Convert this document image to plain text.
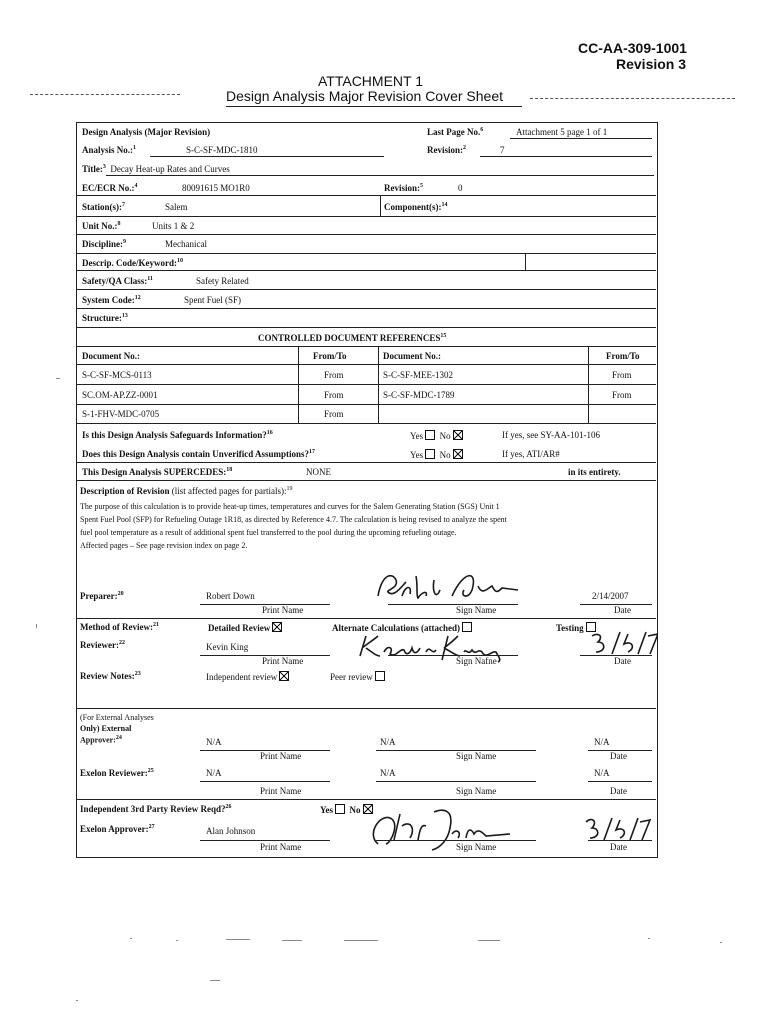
CC-AA-309-1001
Revision 3
ATTACHMENT 1
Design Analysis Major Revision Cover Sheet
Design Analysis (Major Revision)	Last Page No.$^6$	Attachment 5 page 1 of 1
Analysis No.:$^1$	S-C-SF-MDC-1810	Revision:$^2$	7
Title:$^3$ Decay Heat-up Rates and Curves
EC/ECR No.:$^4$	80091615 MO1R0	Revision:$^5$	0
Station(s):$^7$	Salem	Component(s):$^{14}$
Unit No.:$^8$	Units 1 & 2
Discipline:$^9$	Mechanical
Descrip. Code/Keyword:$^{10}$
Safety/QA Class:$^{11}$	Safety Related
System Code:$^{12}$	Spent Fuel (SF)
Structure:$^{13}$
CONTROLLED DOCUMENT REFERENCES$^{15}$
Document No.:	From/To	Document No.:	From/To
S-C-SF-MCS-0113	From	S-C-SF-MEE-1302	From
SC.OM-AP.ZZ-0001	From	S-C-SF-MDC-1789	From
S-1-FHV-MDC-0705	From
Is this Design Analysis Safeguards Information?$^{16}$	Yes No	If yes, see SY-AA-101-106
Does this Design Analysis contain Unverificd Assumptions?$^{17}$	Yes No	If yes, ATI/AR#
This Design Analysis SUPERCEDES:$^{18}$	NONE	in its entirety.
Description of Revision (list affected pages for partials):$^{19}$
The purpose of this calculation is to provide heat-up times, temperatures and curves for the Salem Generating Station (SGS) Unit 1
Spent Fuel Pool (SFP) for Refueling Outage 1R18, as directed by Reference 4.7. The calculation is being revised to analyze the spent
fuel pool temperature as a result of additional spent fuel transferred to the pool during the upcoming refueling outage.
Affected pages – See page revision index on page 2.
Preparer:$^{20}$	Robert Down	2/14/2007
Print Name	Sign Name	Date
Method of Review:$^{21}$	Detailed Review	Alternate Calculations (attached)	Testing
Reviewer:$^{22}$	Kevin King
Print Name	Sign Nafne	Date
Review Notes:$^{23}$	Independent review	Peer review
(For External Analyses
Only) External
Approver:$^{24}$	N/A	N/A	N/A
Print Name	Sign Name	Date
Exelon Reviewer:$^{25}$	N/A	N/A	N/A
Print Name	Sign Name	Date
Independent 3rd Party Review Reqd?$^{26}$	Yes No
Exelon Approver:$^{27}$	Alan Johnson
Print Name	Sign Name	Date
